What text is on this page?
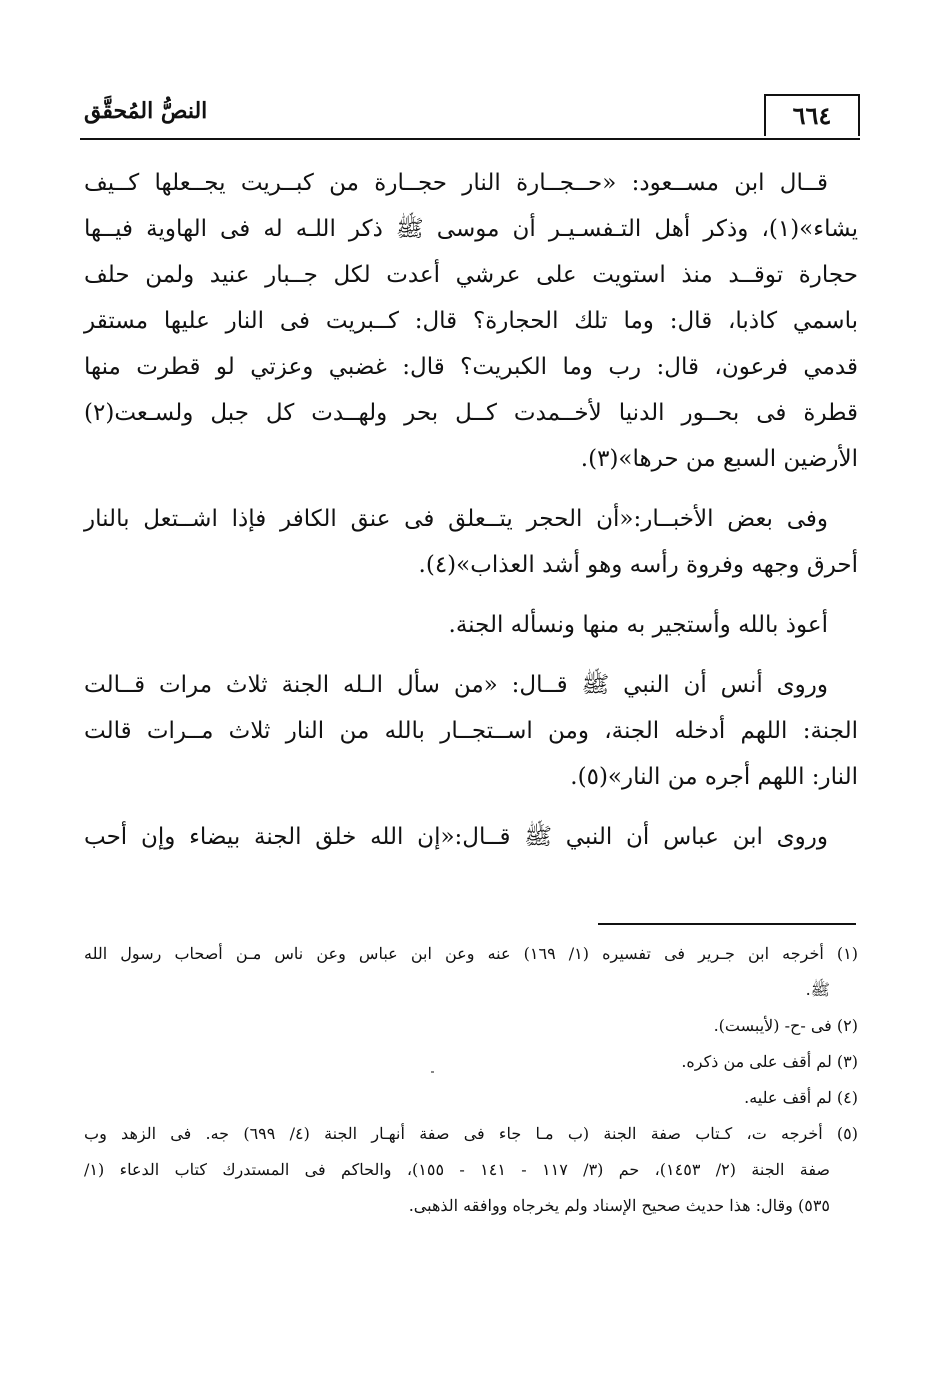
٦٦٤
النصُّ المُحقَّق

قــال ابن مســعود: «حــجــارة النار حجــارة من كبــريت يجــعلها كــيف
يشاء»(١)، وذكر أهل التـفسـيـر أن موسى ﷺ ذكر اللـه له فى الهاوية فيــها
حجارة توقــد منذ استويت على عرشي أعدت لكل جــبار عنيد ولمن حلف
باسمي كاذبا، قال: وما تلك الحجارة؟ قال: كــبريت فى النار عليها مستقر
قدمي فرعون، قال: رب وما الكبريت؟ قال: غضبي وعزتي لو قطرت منها
قطرة فى بحــور الدنيا لأخــمدت كــل بحر ولهــدت كل جبل ولسـعت(٢)
الأرضين السبع من حرها»(٣).

وفى بعض الأخبــار:«أن الحجر يتــعلق فى عنق الكافر فإذا اشــتعل بالنار
أحرق وجهه وفروة رأسه وهو أشد العذاب»(٤).

أعوذ بالله وأستجير به منها ونسأله الجنة.

وروى أنس أن النبي ﷺ قــال: «من سأل الـله الجنة ثلاث مرات قــالت
الجنة: اللهم أدخله الجنة، ومن اســتجــار بالله من النار ثلاث مــرات قالت
النار: اللهم أجره من النار»(٥).

وروى ابن عباس أن النبي ﷺ قــال:«إن الله خلق الجنة بيضاء وإن أحب

(١) أخرجه ابن جـرير فى تفسيره (١/ ١٦٩) عنه وعن ابن عباس وعن ناس مـن أصحاب رسول الله
ﷺ.
(٢) فى -ح- (لأيبست).
(٣) لم أقف على من ذكره.
(٤) لم أقف عليه.
(٥) أخرجه ت، كـتاب صفة الجنة (ب مـا جاء فى صفة أنهـار الجنة (٤/ ٦٩٩) جه. فى الزهد وب
صفة الجنة (٢/ ١٤٥٣)، حم (٣/ ١١٧ - ١٤١ - ١٥٥)، والحاكم فى المستدرك كتاب الدعاء (١/
٥٣٥) وقال: هذا حديث صحيح الإسناد ولم يخرجاه ووافقه الذهبى.
